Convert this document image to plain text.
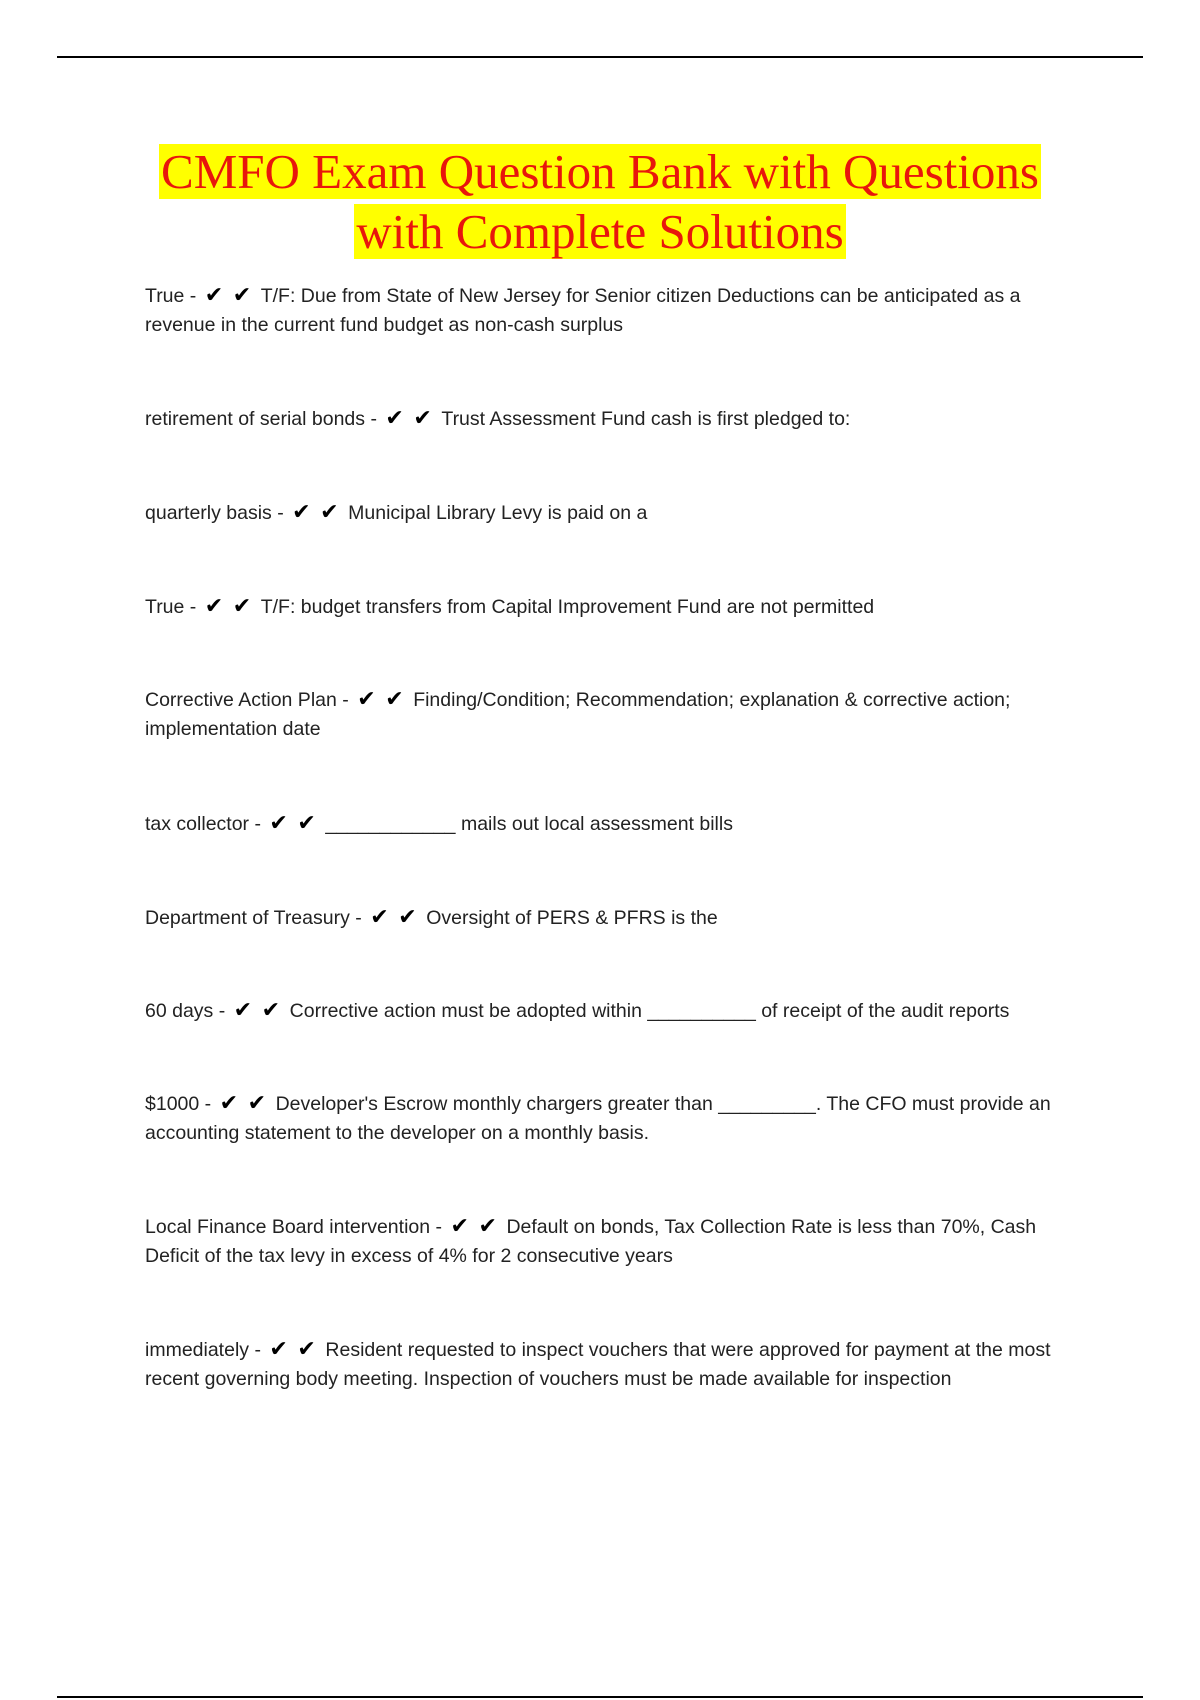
CMFO Exam Question Bank with Questions
with Complete Solutions
True - ✔ ✔ T/F: Due from State of New Jersey for Senior citizen Deductions can be anticipated as a revenue in the current fund budget as non-cash surplus
retirement of serial bonds - ✔ ✔ Trust Assessment Fund cash is first pledged to:
quarterly basis - ✔ ✔ Municipal Library Levy is paid on a
True - ✔ ✔ T/F: budget transfers from Capital Improvement Fund are not permitted
Corrective Action Plan - ✔ ✔ Finding/Condition; Recommendation; explanation & corrective action; implementation date
tax collector - ✔ ✔ ____________ mails out local assessment bills
Department of Treasury - ✔ ✔ Oversight of PERS & PFRS is the
60 days - ✔ ✔ Corrective action must be adopted within __________ of receipt of the audit reports
$1000 - ✔ ✔ Developer's Escrow monthly chargers greater than _________. The CFO must provide an accounting statement to the developer on a monthly basis.
Local Finance Board intervention - ✔ ✔ Default on bonds, Tax Collection Rate is less than 70%, Cash Deficit of the tax levy in excess of 4% for 2 consecutive years
immediately - ✔ ✔ Resident requested to inspect vouchers that were approved for payment at the most recent governing body meeting. Inspection of vouchers must be made available for inspection
